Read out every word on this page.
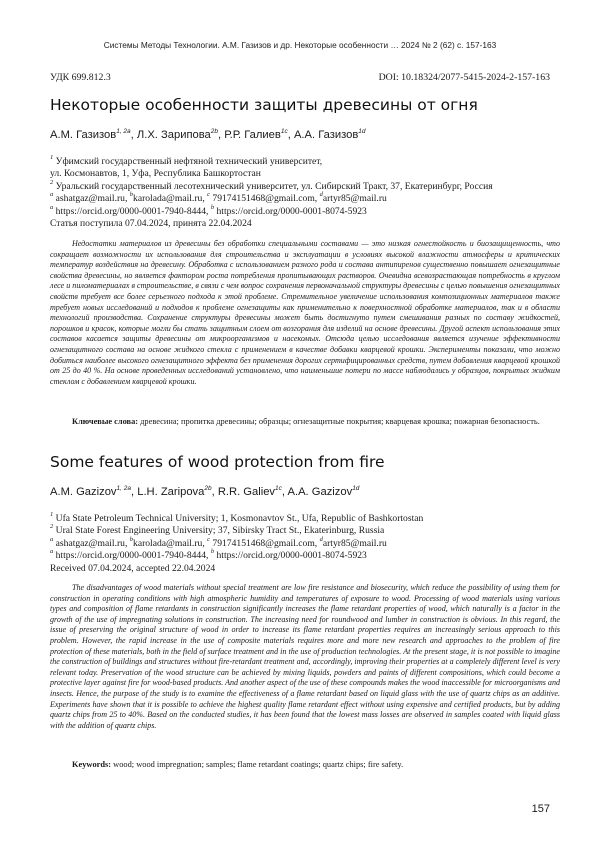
Системы Методы Технологии. А.М. Газизов и др. Некоторые особенности … 2024 № 2 (62) с. 157-163
УДК 699.812.3	DOI: 10.18324/2077-5415-2024-2-157-163
Некоторые особенности защиты древесины от огня
А.М. Газизов$^{1, 2a}$, Л.Х. Зарипова$^{2b}$, Р.Р. Галиев$^{1c}$, А.А. Газизов$^{1d}$
$^1$ Уфимский государственный нефтяной технический университет,
ул. Космонавтов, 1, Уфа, Республика Башкортостан
$^2$ Уральский государственный лесотехнический университет, ул. Сибирский Тракт, 37, Екатеринбург, Россия
$^a$ ashatgaz@mail.ru, $^b$karolada@mail.ru, $^c$ 79174151468@gmail.com, $^d$artyr85@mail.ru
$^a$ https://orcid.org/0000-0001-7940-8444, $^b$ https://orcid.org/0000-0001-8074-5923
Статья поступила 07.04.2024, принята 22.04.2024
Недостатки материалов из древесины без обработки специальными составами — это низкая огнестойкость и биозащищенность, что сокращает возможности их использования для строительства и эксплуатации в условиях высокой влажности атмосферы и критических температур воздействия на древесину. Обработка с использованием разного рода и состава антипиренов существенно повышает огнезащитные свойства древесины, но является фактором роста потребления пропитывающих растворов. Очевидна всевозрастающая потребность в круглом лесе и пиломатериалах в строительстве, в связи с чем вопрос сохранения первоначальной структуры древесины с целью повышения огнезащитных свойств требует все более серьезного подхода к этой проблеме. Стремительное увеличение использования композиционных материалов также требует новых исследований и подходов к проблеме огнезащиты как применительно к поверхностной обработке материалов, так и в области технологий производства. Сохранение структуры древесины может быть достигнуто путем смешивания разных по составу жидкостей, порошков и красок, которые могли бы стать защитным слоем от возгорания для изделий на основе древесины. Другой аспект использования этих составов касается защиты древесины от микроорганизмов и насекомых. Отсюда целью исследования является изучение эффективности огнезащитного состава на основе жидкого стекла с применением в качестве добавки кварцевой крошки. Эксперименты показали, что можно добиться наиболее высокого огнезащитного эффекта без применения дорогих сертифицированных средств, путем добавления кварцевой крошкой от 25 до 40 %. На основе проведенных исследований установлено, что наименьшие потери по массе наблюдались у образцов, покрытых жидким стеклом с добавлением кварцевой крошки.
Ключевые слова: древесина; пропитка древесины; образцы; огнезащитные покрытия; кварцевая крошка; пожарная безопасность.
Some features of wood protection from fire
A.M. Gazizov$^{1, 2a}$, L.H. Zaripova$^{2b}$, R.R. Galiev$^{1c}$, A.A. Gazizov$^{1d}$
$^1$ Ufa State Petroleum Technical University; 1, Kosmonavtov St., Ufa, Republic of Bashkortostan
$^2$ Ural State Forest Engineering University; 37, Sibirsky Tract St., Ekaterinburg, Russia
$^a$ ashatgaz@mail.ru, $^b$karolada@mail.ru, $^c$ 79174151468@gmail.com, $^d$artyr85@mail.ru
$^a$ https://orcid.org/0000-0001-7940-8444, $^b$ https://orcid.org/0000-0001-8074-5923
Received 07.04.2024, accepted 22.04.2024
The disadvantages of wood materials without special treatment are low fire resistance and biosecurity, which reduce the possibility of using them for construction in operating conditions with high atmospheric humidity and temperatures of exposure to wood. Processing of wood materials using various types and composition of flame retardants in construction significantly increases the flame retardant properties of wood, which naturally is a factor in the growth of the use of impregnating solutions in construction. The increasing need for roundwood and lumber in construction is obvious. In this regard, the issue of preserving the original structure of wood in order to increase its flame retardant properties requires an increasingly serious approach to this problem. However, the rapid increase in the use of composite materials requires more and more new research and approaches to the problem of fire protection of these materials, both in the field of surface treatment and in the use of production technologies. At the present stage, it is not possible to imagine the construction of buildings and structures without fire-retardant treatment and, accordingly, improving their properties at a completely different level is very relevant today. Preservation of the wood structure can be achieved by mixing liquids, powders and paints of different compositions, which could become a protective layer against fire for wood-based products. And another aspect of the use of these compounds makes the wood inaccessible for microorganisms and insects. Hence, the purpose of the study is to examine the effectiveness of a flame retardant based on liquid glass with the use of quartz chips as an additive. Experiments have shown that it is possible to achieve the highest quality flame retardant effect without using expensive and certified products, but by adding quartz chips from 25 to 40%. Based on the conducted studies, it has been found that the lowest mass losses are observed in samples coated with liquid glass with the addition of quartz chips.
Keywords: wood; wood impregnation; samples; flame retardant coatings; quartz chips; fire safety.
157
